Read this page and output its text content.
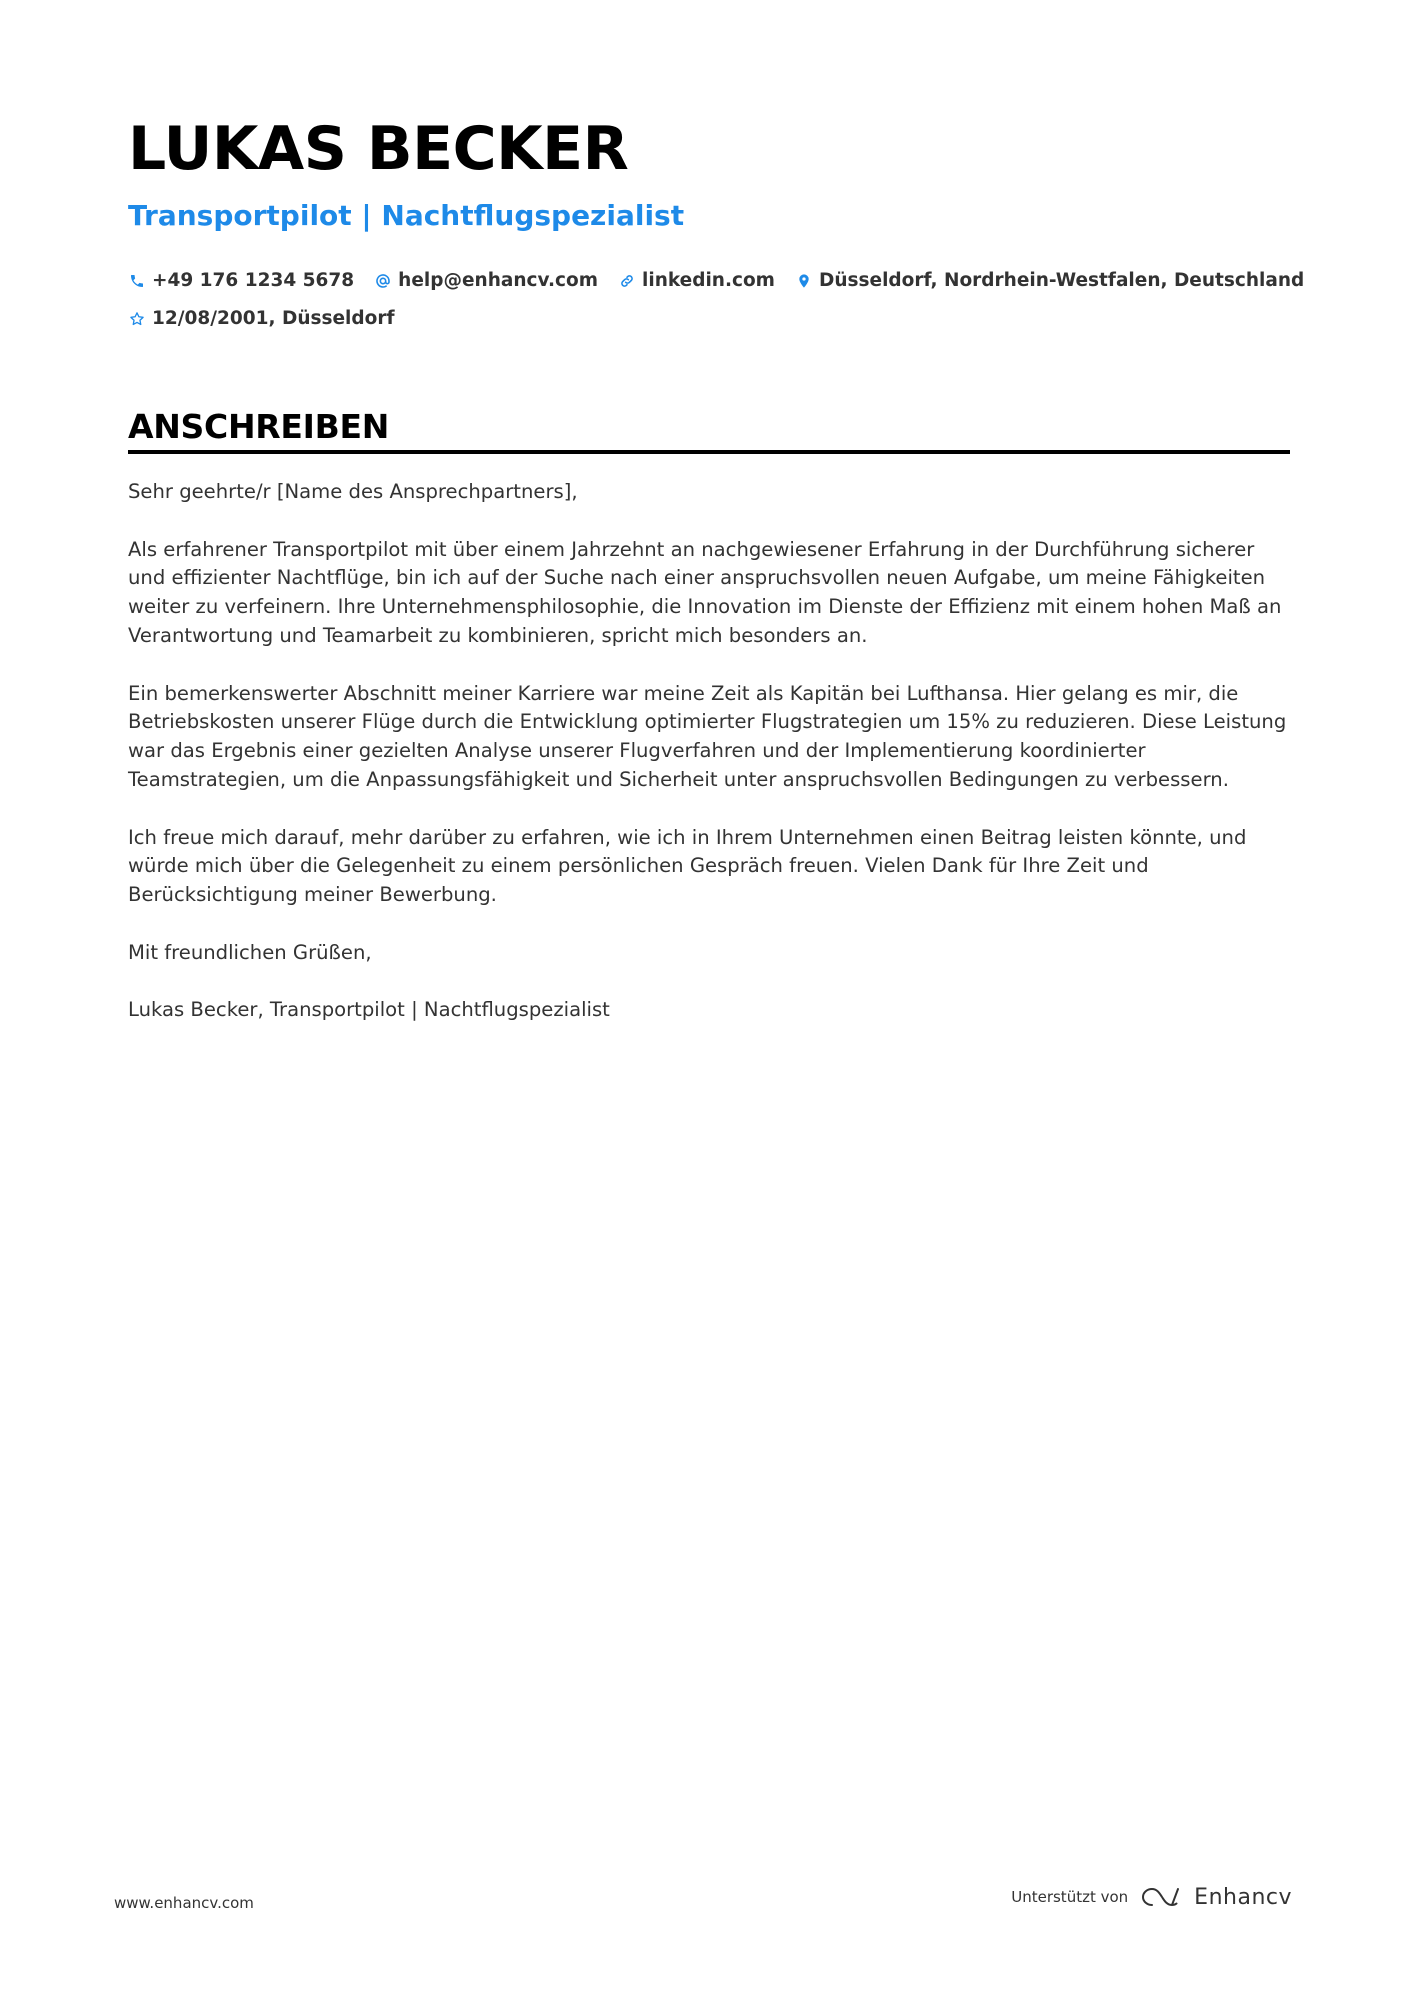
LUKAS BECKER
Transportpilot | Nachtflugspezialist
+49 176 1234 5678 help@enhancv.com linkedin.com Düsseldorf, Nordrhein-Westfalen, Deutschland
12/08/2001, Düsseldorf
ANSCHREIBEN

Sehr geehrte/r [Name des Ansprechpartners],

Als erfahrener Transportpilot mit über einem Jahrzehnt an nachgewiesener Erfahrung in der Durchführung sicherer und effizienter Nachtflüge, bin ich auf der Suche nach einer anspruchsvollen neuen Aufgabe, um meine Fähigkeiten weiter zu verfeinern. Ihre Unternehmensphilosophie, die Innovation im Dienste der Effizienz mit einem hohen Maß an Verantwortung und Teamarbeit zu kombinieren, spricht mich besonders an.

Ein bemerkenswerter Abschnitt meiner Karriere war meine Zeit als Kapitän bei Lufthansa. Hier gelang es mir, die Betriebskosten unserer Flüge durch die Entwicklung optimierter Flugstrategien um 15% zu reduzieren. Diese Leistung war das Ergebnis einer gezielten Analyse unserer Flugverfahren und der Implementierung koordinierter Teamstrategien, um die Anpassungsfähigkeit und Sicherheit unter anspruchsvollen Bedingungen zu verbessern.

Ich freue mich darauf, mehr darüber zu erfahren, wie ich in Ihrem Unternehmen einen Beitrag leisten könnte, und würde mich über die Gelegenheit zu einem persönlichen Gespräch freuen. Vielen Dank für Ihre Zeit und Berücksichtigung meiner Bewerbung.

Mit freundlichen Grüßen,

Lukas Becker, Transportpilot | Nachtflugspezialist

www.enhancv.com	Unterstützt von	Enhancv
